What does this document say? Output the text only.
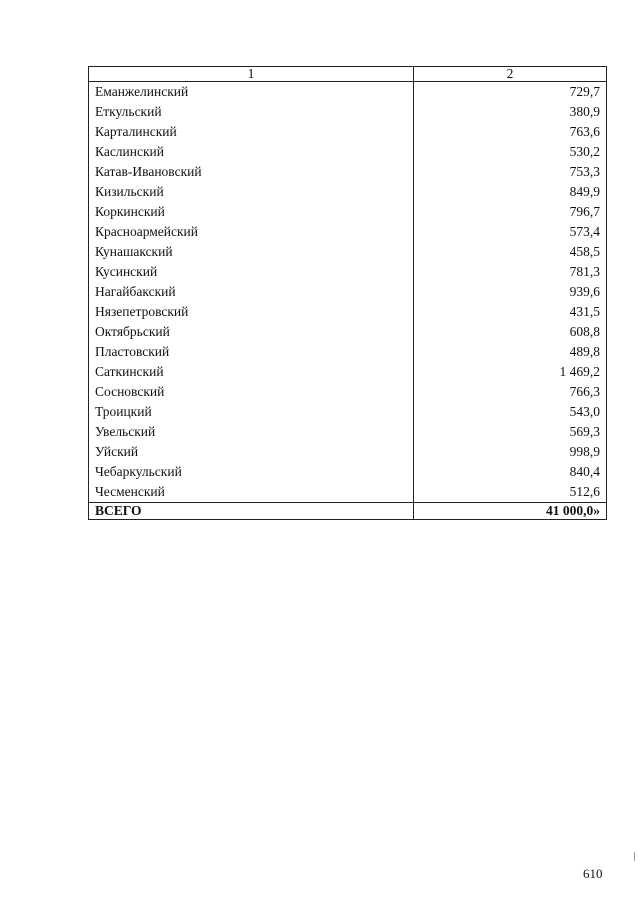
1	2
Еманжелинский	729,7
Еткульский	380,9
Карталинский	763,6
Каслинский	530,2
Катав-Ивановский	753,3
Кизильский	849,9
Коркинский	796,7
Красноармейский	573,4
Кунашакский	458,5
Кусинский	781,3
Нагайбакский	939,6
Нязепетровский	431,5
Октябрьский	608,8
Пластовский	489,8
Саткинский	1 469,2
Сосновский	766,3
Троицкий	543,0
Увельский	569,3
Уйский	998,9
Чебаркульский	840,4
Чесменский	512,6
ВСЕГО	41 000,0»
610
